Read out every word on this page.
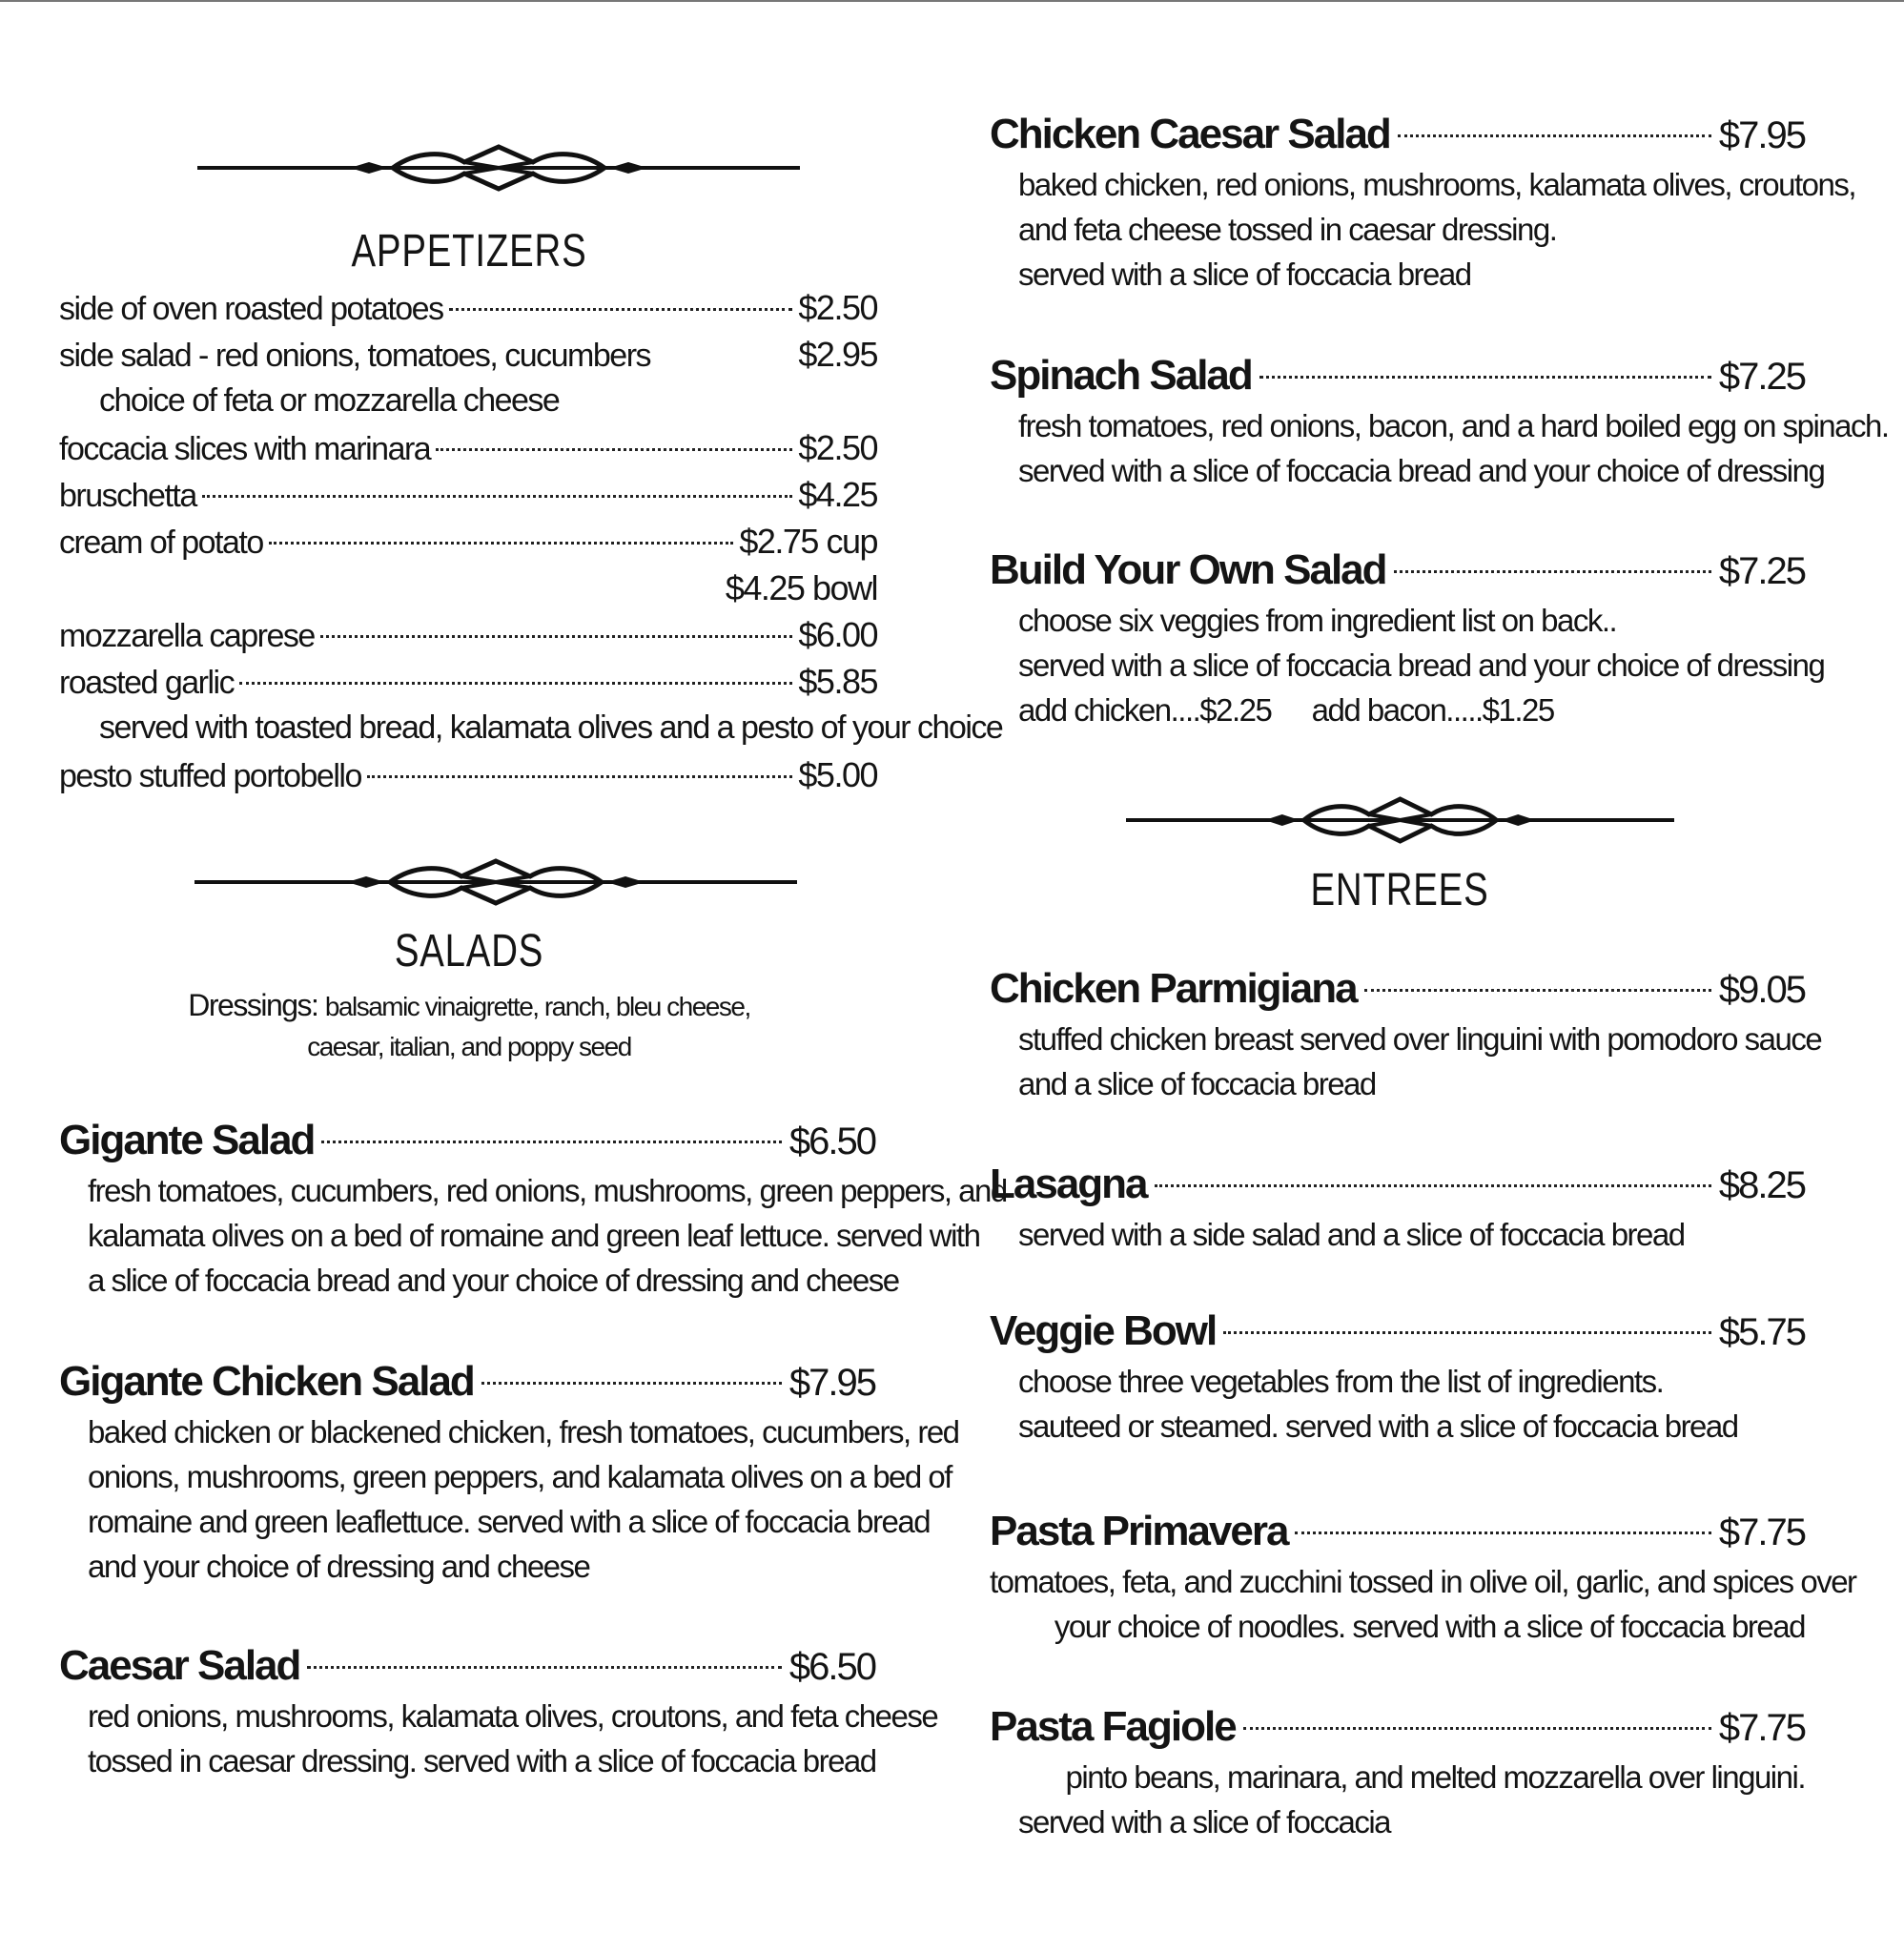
APPETIZERS
side of oven roasted potatoes	$2.50
side salad - red onions, tomatoes, cucumbers	$2.95
choice of feta or mozzarella cheese
foccacia slices with marinara	$2.50
bruschetta	$4.25
cream of potato	$2.75 cup
$4.25 bowl
mozzarella caprese	$6.00
roasted garlic	$5.85
served with toasted bread, kalamata olives and a pesto of your choice
pesto stuffed portobello	$5.00
SALADS
Dressings: balsamic vinaigrette, ranch, bleu cheese,
caesar, italian, and poppy seed
Gigante Salad	$6.50
fresh tomatoes, cucumbers, red onions, mushrooms, green peppers, and
kalamata olives on a bed of romaine and green leaf lettuce. served with
a slice of foccacia bread and your choice of dressing and cheese
Gigante Chicken Salad	$7.95
baked chicken or blackened chicken, fresh tomatoes, cucumbers, red
onions, mushrooms, green peppers, and kalamata olives on a bed of
romaine and green leaflettuce. served with a slice of foccacia bread
and your choice of dressing and cheese
Caesar Salad	$6.50
red onions, mushrooms, kalamata olives, croutons, and feta cheese
tossed in caesar dressing. served with a slice of foccacia bread
Chicken Caesar Salad	$7.95
baked chicken, red onions, mushrooms, kalamata olives, croutons,
and feta cheese tossed in caesar dressing.
served with a slice of foccacia bread
Spinach Salad	$7.25
fresh tomatoes, red onions, bacon, and a hard boiled egg on spinach.
served with a slice of foccacia bread and your choice of dressing
Build Your Own Salad	$7.25
choose six veggies from ingredient list on back..
served with a slice of foccacia bread and your choice of dressing
add chicken....$2.25 add bacon.....$1.25
ENTREES
Chicken Parmigiana	$9.05
stuffed chicken breast served over linguini with pomodoro sauce
and a slice of foccacia bread
Lasagna	$8.25
served with a side salad and a slice of foccacia bread
Veggie Bowl	$5.75
choose three vegetables from the list of ingredients.
sauteed or steamed. served with a slice of foccacia bread
Pasta Primavera	$7.75
tomatoes, feta, and zucchini tossed in olive oil, garlic, and spices over
your choice of noodles. served with a slice of foccacia bread
Pasta Fagiole	$7.75
pinto beans, marinara, and melted mozzarella over linguini.
served with a slice of foccacia
